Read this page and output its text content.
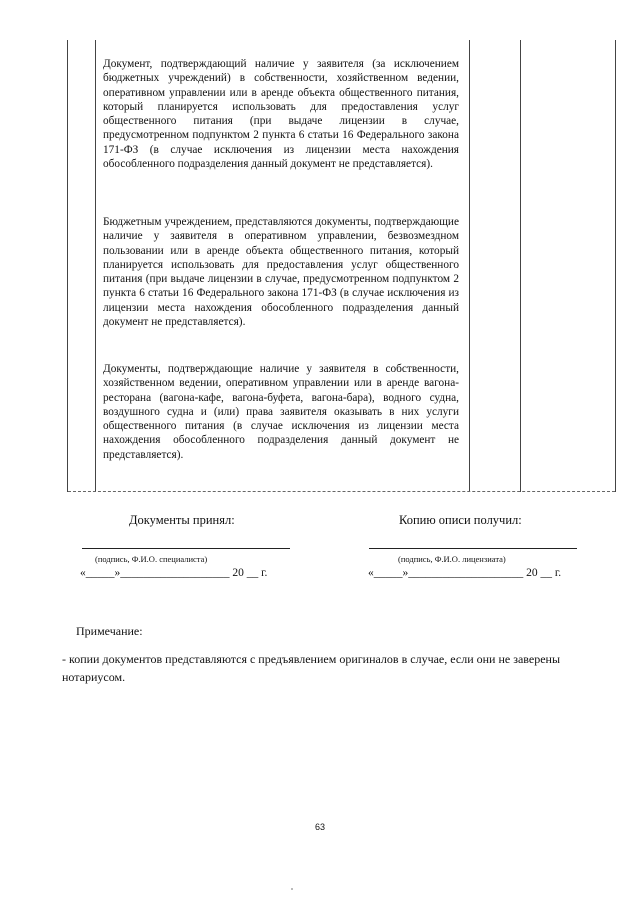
Документ, подтверждающий наличие у заявителя (за исключением бюджетных учреждений) в собственности, хозяйственном ведении, оперативном управлении или в аренде объекта общественного питания, который планируется использовать для предоставления услуг общественного питания (при выдаче лицензии в случае, предусмотренном подпунктом 2 пункта 6 статьи 16 Федерального закона 171-ФЗ (в случае исключения из лицензии места нахождения обособленного подразделения данный документ не представляется).

Бюджетным учреждением, представляются документы, подтверждающие наличие у заявителя в оперативном управлении, безвозмездном пользовании или в аренде объекта общественного питания, который планируется использовать для предоставления услуг общественного питания (при выдаче лицензии в случае, предусмотренном подпунктом 2 пункта 6 статьи 16 Федерального закона 171-ФЗ (в случае исключения из лицензии места нахождения обособленного подразделения данный документ не представляется).

Документы, подтверждающие наличие у заявителя в собственности, хозяйственном ведении, оперативном управлении или в аренде вагона-ресторана (вагона-кафе, вагона-буфета, вагона-бара), водного судна, воздушного судна и (или) права заявителя оказывать в них услуги общественного питания (в случае исключения из лицензии места нахождения обособленного подразделения данный документ не представляется).

Документы принял:	Копию описи получил:
(подпись, Ф.И.О. специалиста)	(подпись, Ф.И.О. лицензиата)
«_____»___________________ 20 __ г.	«_____»____________________ 20 __ г.
Примечание:
- копии документов представляются с предъявлением оригиналов в случае, если они не заверены нотариусом.
63
